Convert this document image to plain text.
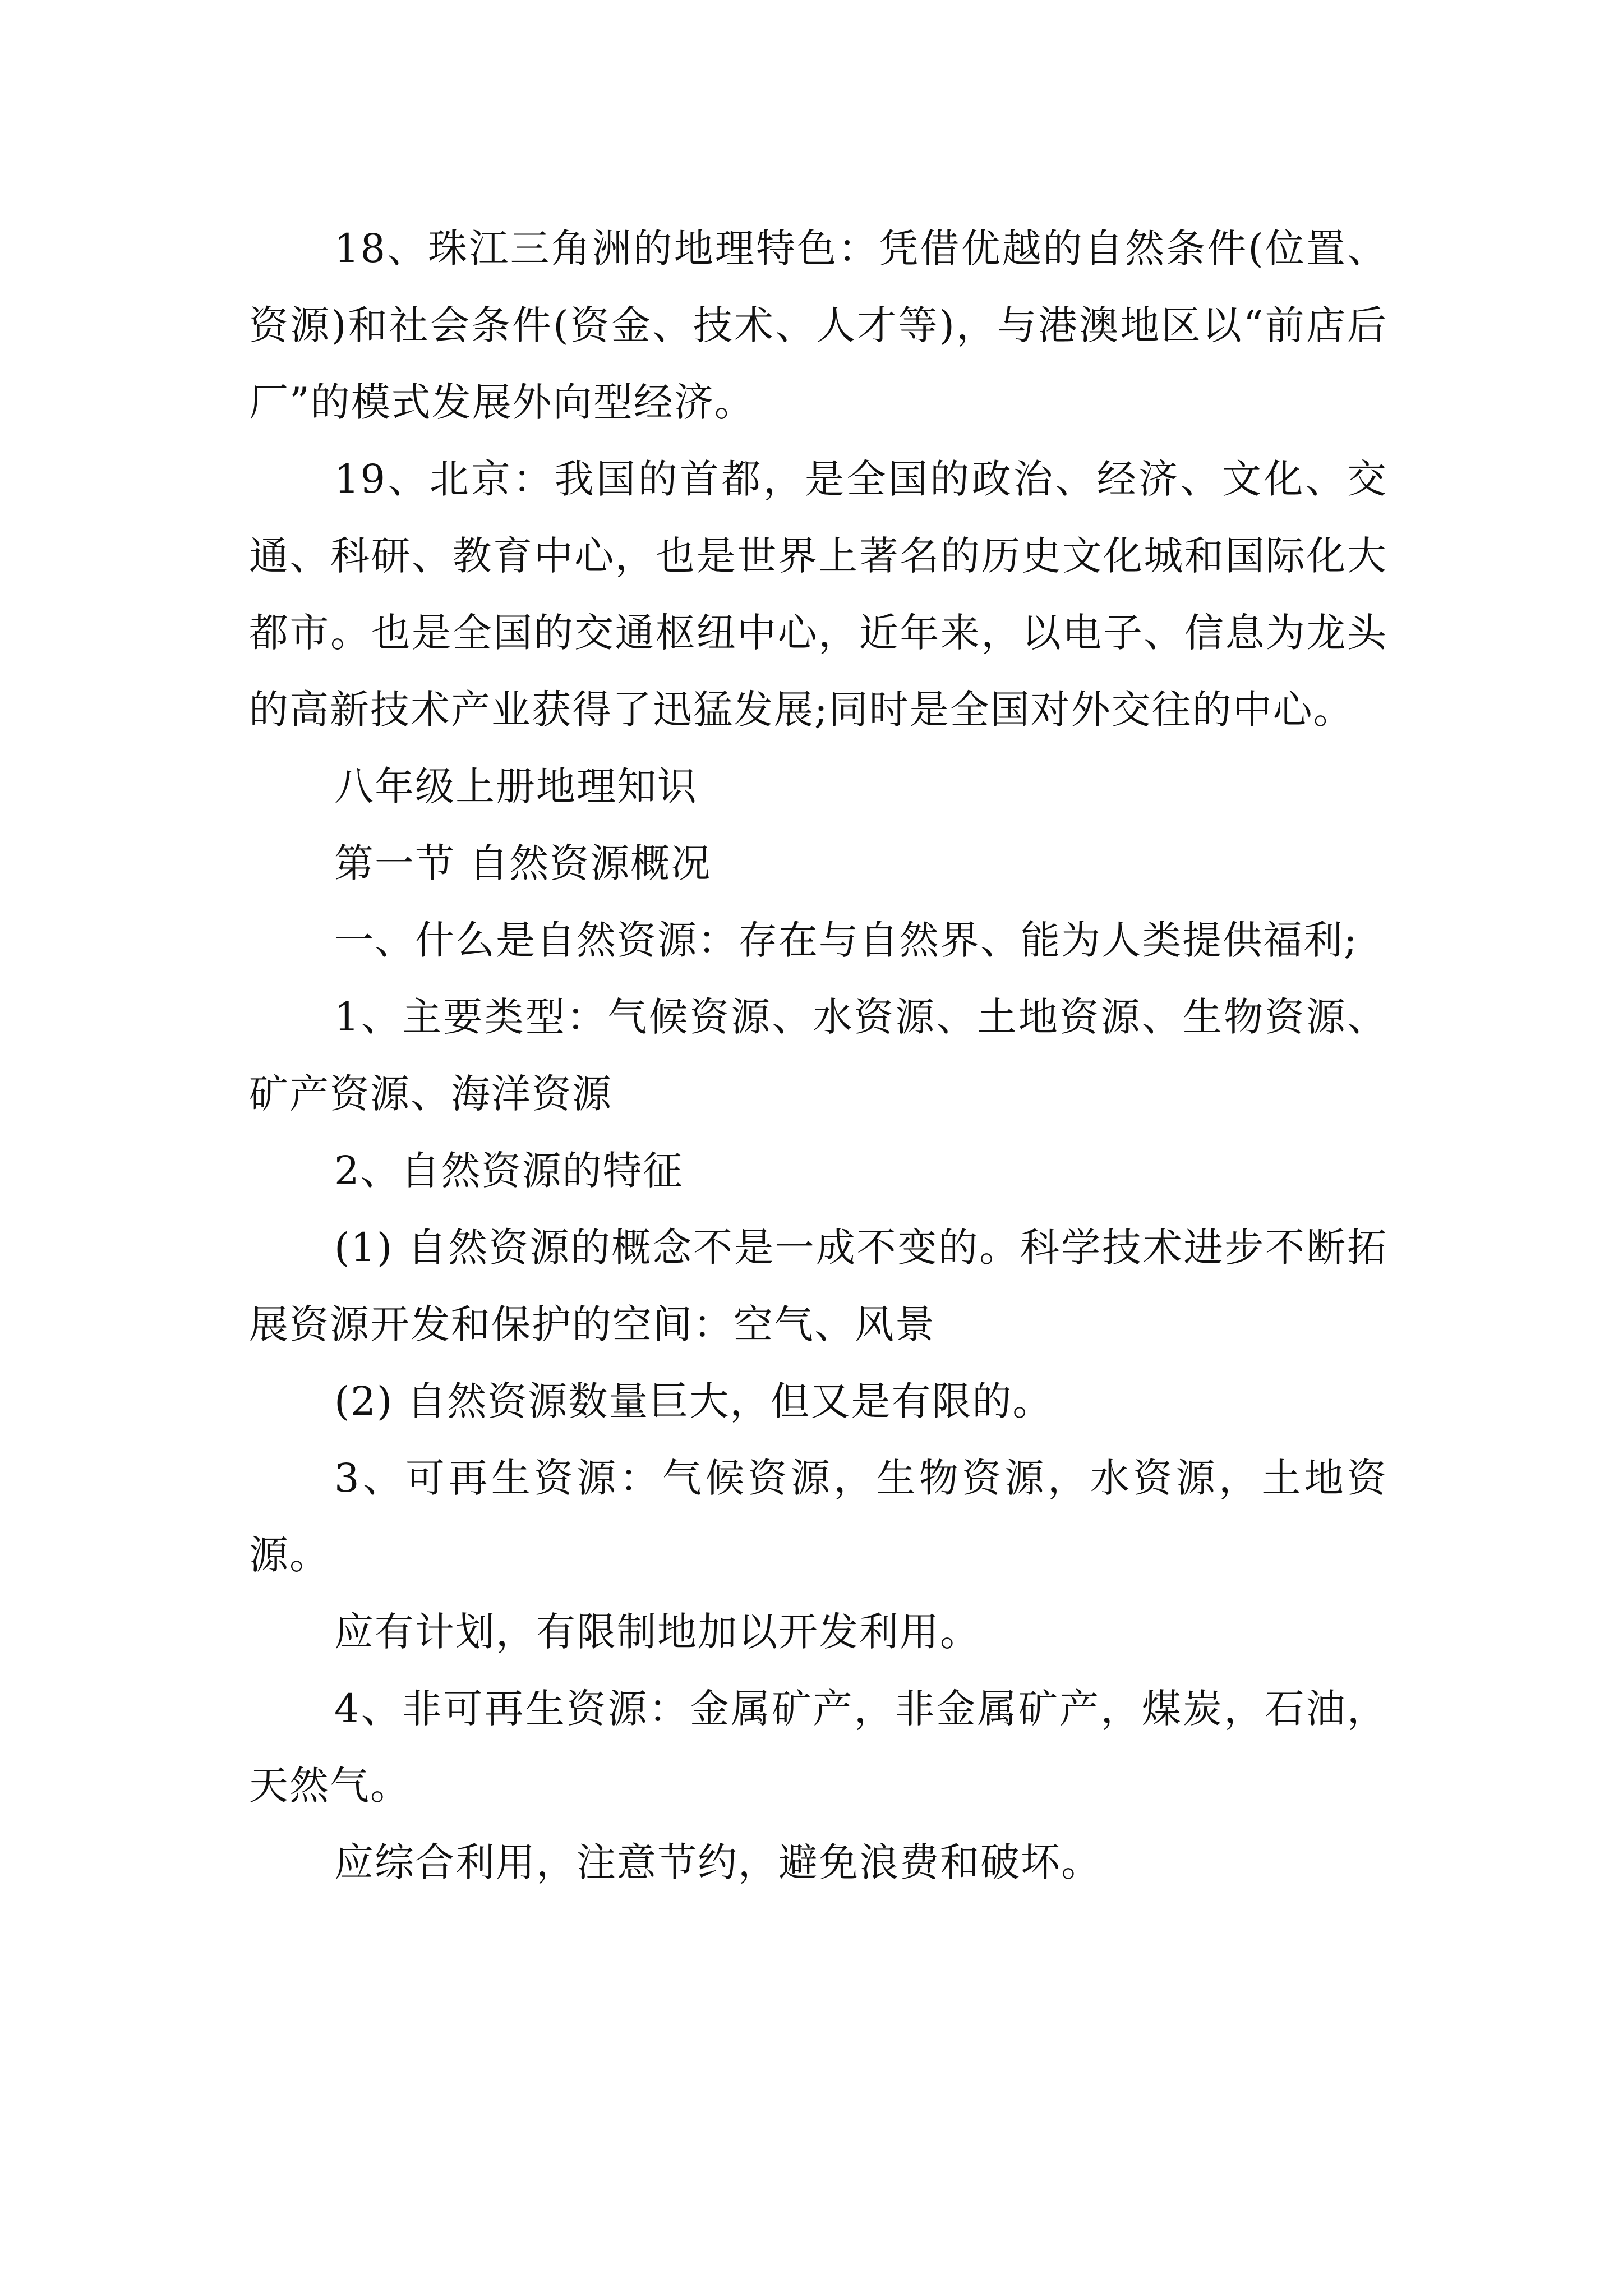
18、珠江三角洲的地理特色：凭借优越的自然条件(位置、资源)和社会条件(资金、技术、人才等)，与港澳地区以“前店后厂”的模式发展外向型经济。

19、北京：我国的首都，是全国的政治、经济、文化、交通、科研、教育中心，也是世界上著名的历史文化城和国际化大都市。也是全国的交通枢纽中心，近年来，以电子、信息为龙头的高新技术产业获得了迅猛发展;同时是全国对外交往的中心。

八年级上册地理知识

第一节 自然资源概况

一、什么是自然资源：存在与自然界、能为人类提供福利;

1、主要类型：气候资源、水资源、土地资源、生物资源、矿产资源、海洋资源

2、自然资源的特征

(1) 自然资源的概念不是一成不变的。科学技术进步不断拓展资源开发和保护的空间：空气、风景

(2) 自然资源数量巨大，但又是有限的。

3、可再生资源：气候资源，生物资源，水资源，土地资源。

应有计划，有限制地加以开发利用。

4、非可再生资源：金属矿产，非金属矿产，煤炭，石油，天然气。

应综合利用，注意节约，避免浪费和破坏。
